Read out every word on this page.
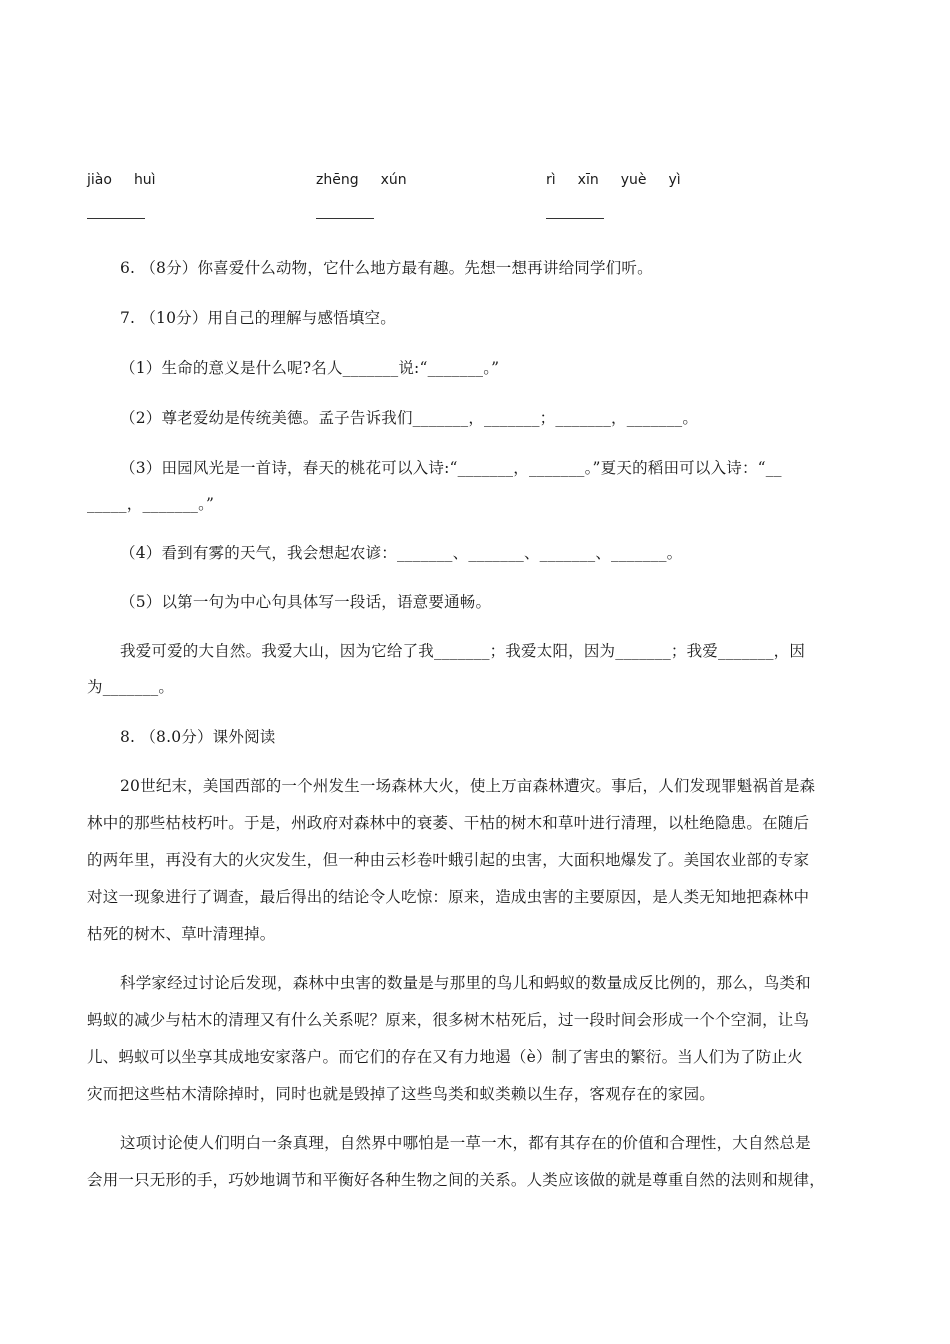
jiào huì	zhēng xún	rì xīn yuè yì
6. （8分）你喜爱什么动物，它什么地方最有趣。先想一想再讲给同学们听。
7. （10分）用自己的理解与感悟填空。
（1）生命的意义是什么呢?名人_______说:“_______。”
（2）尊老爱幼是传统美德。孟子告诉我们_______，_______；_______，_______。
（3）田园风光是一首诗，春天的桃花可以入诗:“_______，_______。”夏天的稻田可以入诗：“__
_____，_______。”
（4）看到有雾的天气，我会想起农谚：_______、_______、_______、_______。
（5）以第一句为中心句具体写一段话，语意要通畅。
我爱可爱的大自然。我爱大山，因为它给了我_______；我爱太阳，因为_______；我爱_______，因
为_______。
8. （8.0分）课外阅读
20世纪末，美国西部的一个州发生一场森林大火，使上万亩森林遭灾。事后，人们发现罪魁祸首是森
林中的那些枯枝朽叶。于是，州政府对森林中的衰萎、干枯的树木和草叶进行清理，以杜绝隐患。在随后
的两年里，再没有大的火灾发生，但一种由云杉卷叶蛾引起的虫害，大面积地爆发了。美国农业部的专家
对这一现象进行了调查，最后得出的结论令人吃惊：原来，造成虫害的主要原因，是人类无知地把森林中
枯死的树木、草叶清理掉。
科学家经过讨论后发现，森林中虫害的数量是与那里的鸟儿和蚂蚁的数量成反比例的，那么，鸟类和
蚂蚁的减少与枯木的清理又有什么关系呢？原来，很多树木枯死后，过一段时间会形成一个个空洞，让鸟
儿、蚂蚁可以坐享其成地安家落户。而它们的存在又有力地遏（è）制了害虫的繁衍。当人们为了防止火
灾而把这些枯木清除掉时，同时也就是毁掉了这些鸟类和蚁类赖以生存，客观存在的家园。
这项讨论使人们明白一条真理，自然界中哪怕是一草一木，都有其存在的价值和合理性，大自然总是
会用一只无形的手，巧妙地调节和平衡好各种生物之间的关系。人类应该做的就是尊重自然的法则和规律，
